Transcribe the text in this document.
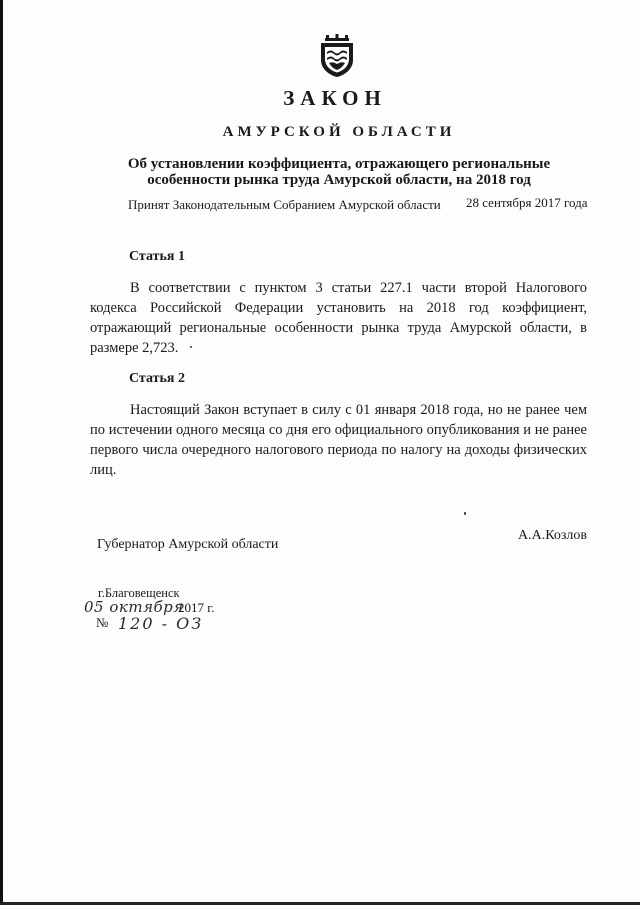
ЗАКОН
АМУРСКОЙ ОБЛАСТИ
Об установлении коэффициента, отражающего региональные
особенности рынка труда Амурской области, на 2018 год
Принят Законодательным Собранием Амурской области 28 сентября 2017 года
Статья 1
В соответствии с пунктом 3 статьи 227.1 части второй Налогового кодекса Российской Федерации установить на 2018 год коэффициент, отражающий региональные особенности рынка труда Амурской области, в размере 2,723.
Статья 2
Настоящий Закон вступает в силу с 01 января 2018 года, но не ранее чем по истечении одного месяца со дня его официального опубликования и не ранее первого числа очередного налогового периода по налогу на доходы физических лиц.
Губернатор Амурской области
А.А.Козлов
г.Благовещенск
05 октября
2017 г.
№ 120 - ОЗ
